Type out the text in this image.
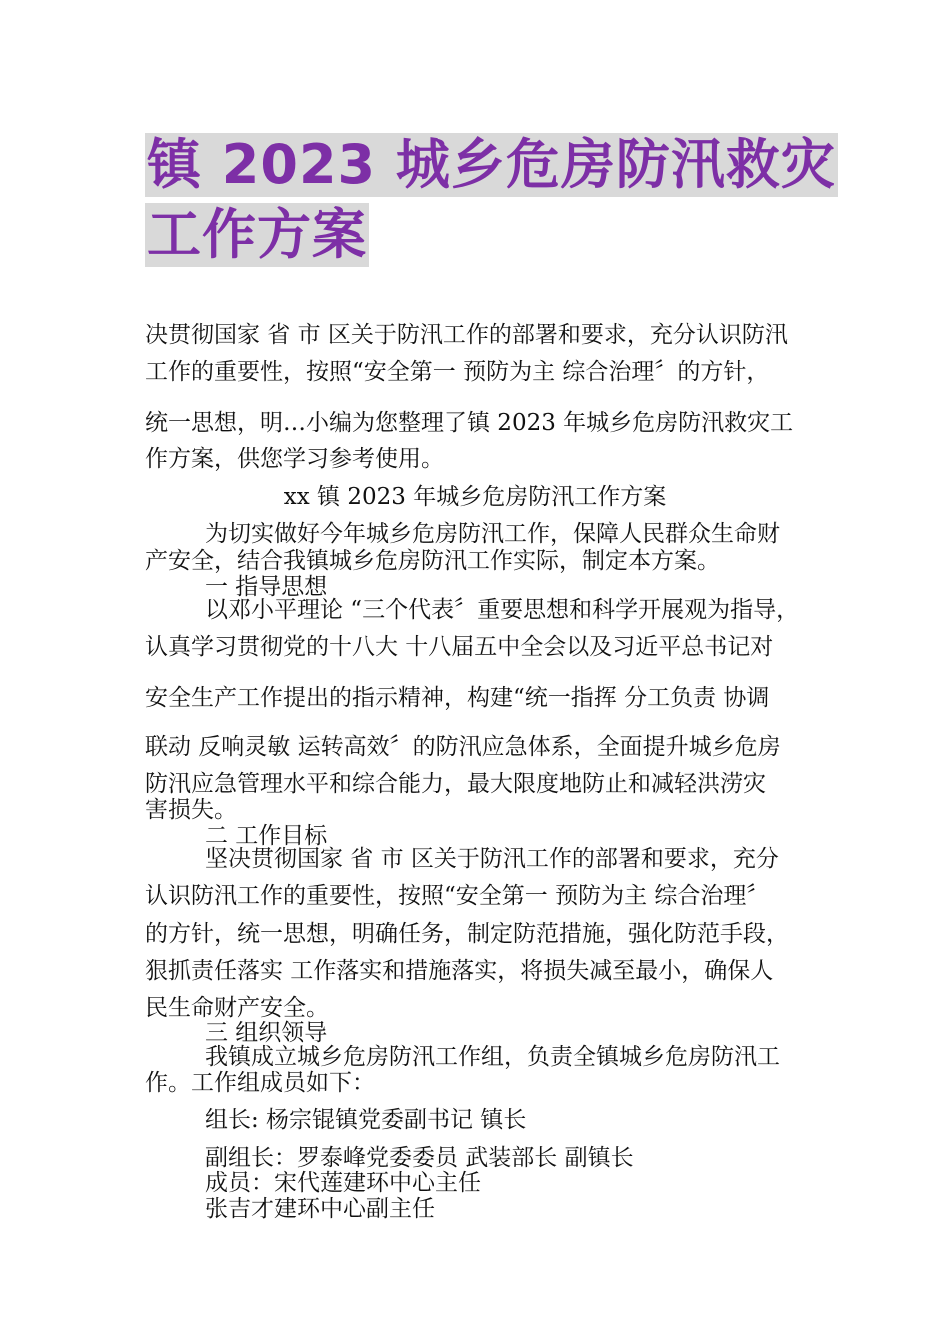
镇 2023 城乡危房防汛救灾
工作方案
决贯彻国家 省 市 区关于防汛工作的部署和要求，充分认识防汛
工作的重要性，按照“安全第一 预防为主 综合治理〞的方针，
统一思想，明…小编为您整理了镇 2023 年城乡危房防汛救灾工
作方案，供您学习参考使用。
xx 镇 2023 年城乡危房防汛工作方案
为切实做好今年城乡危房防汛工作，保障人民群众生命财
产安全，结合我镇城乡危房防汛工作实际，制定本方案。
一 指导思想
以邓小平理论 “三个代表〞重要思想和科学开展观为指导，
认真学习贯彻党的十八大 十八届五中全会以及习近平总书记对
安全生产工作提出的指示精神，构建“统一指挥 分工负责 协调
联动 反响灵敏 运转高效〞的防汛应急体系，全面提升城乡危房
防汛应急管理水平和综合能力，最大限度地防止和减轻洪涝灾
害损失。
二 工作目标
坚决贯彻国家 省 市 区关于防汛工作的部署和要求，充分
认识防汛工作的重要性，按照“安全第一 预防为主 综合治理〞
的方针，统一思想，明确任务，制定防范措施，强化防范手段，
狠抓责任落实 工作落实和措施落实，将损失减至最小，确保人
民生命财产安全。
三 组织领导
我镇成立城乡危房防汛工作组，负责全镇城乡危房防汛工
作。工作组成员如下：
组长: 杨宗锟镇党委副书记 镇长
副组长：罗泰峰党委委员 武装部长 副镇长
成员：宋代莲建环中心主任
张吉才建环中心副主任
